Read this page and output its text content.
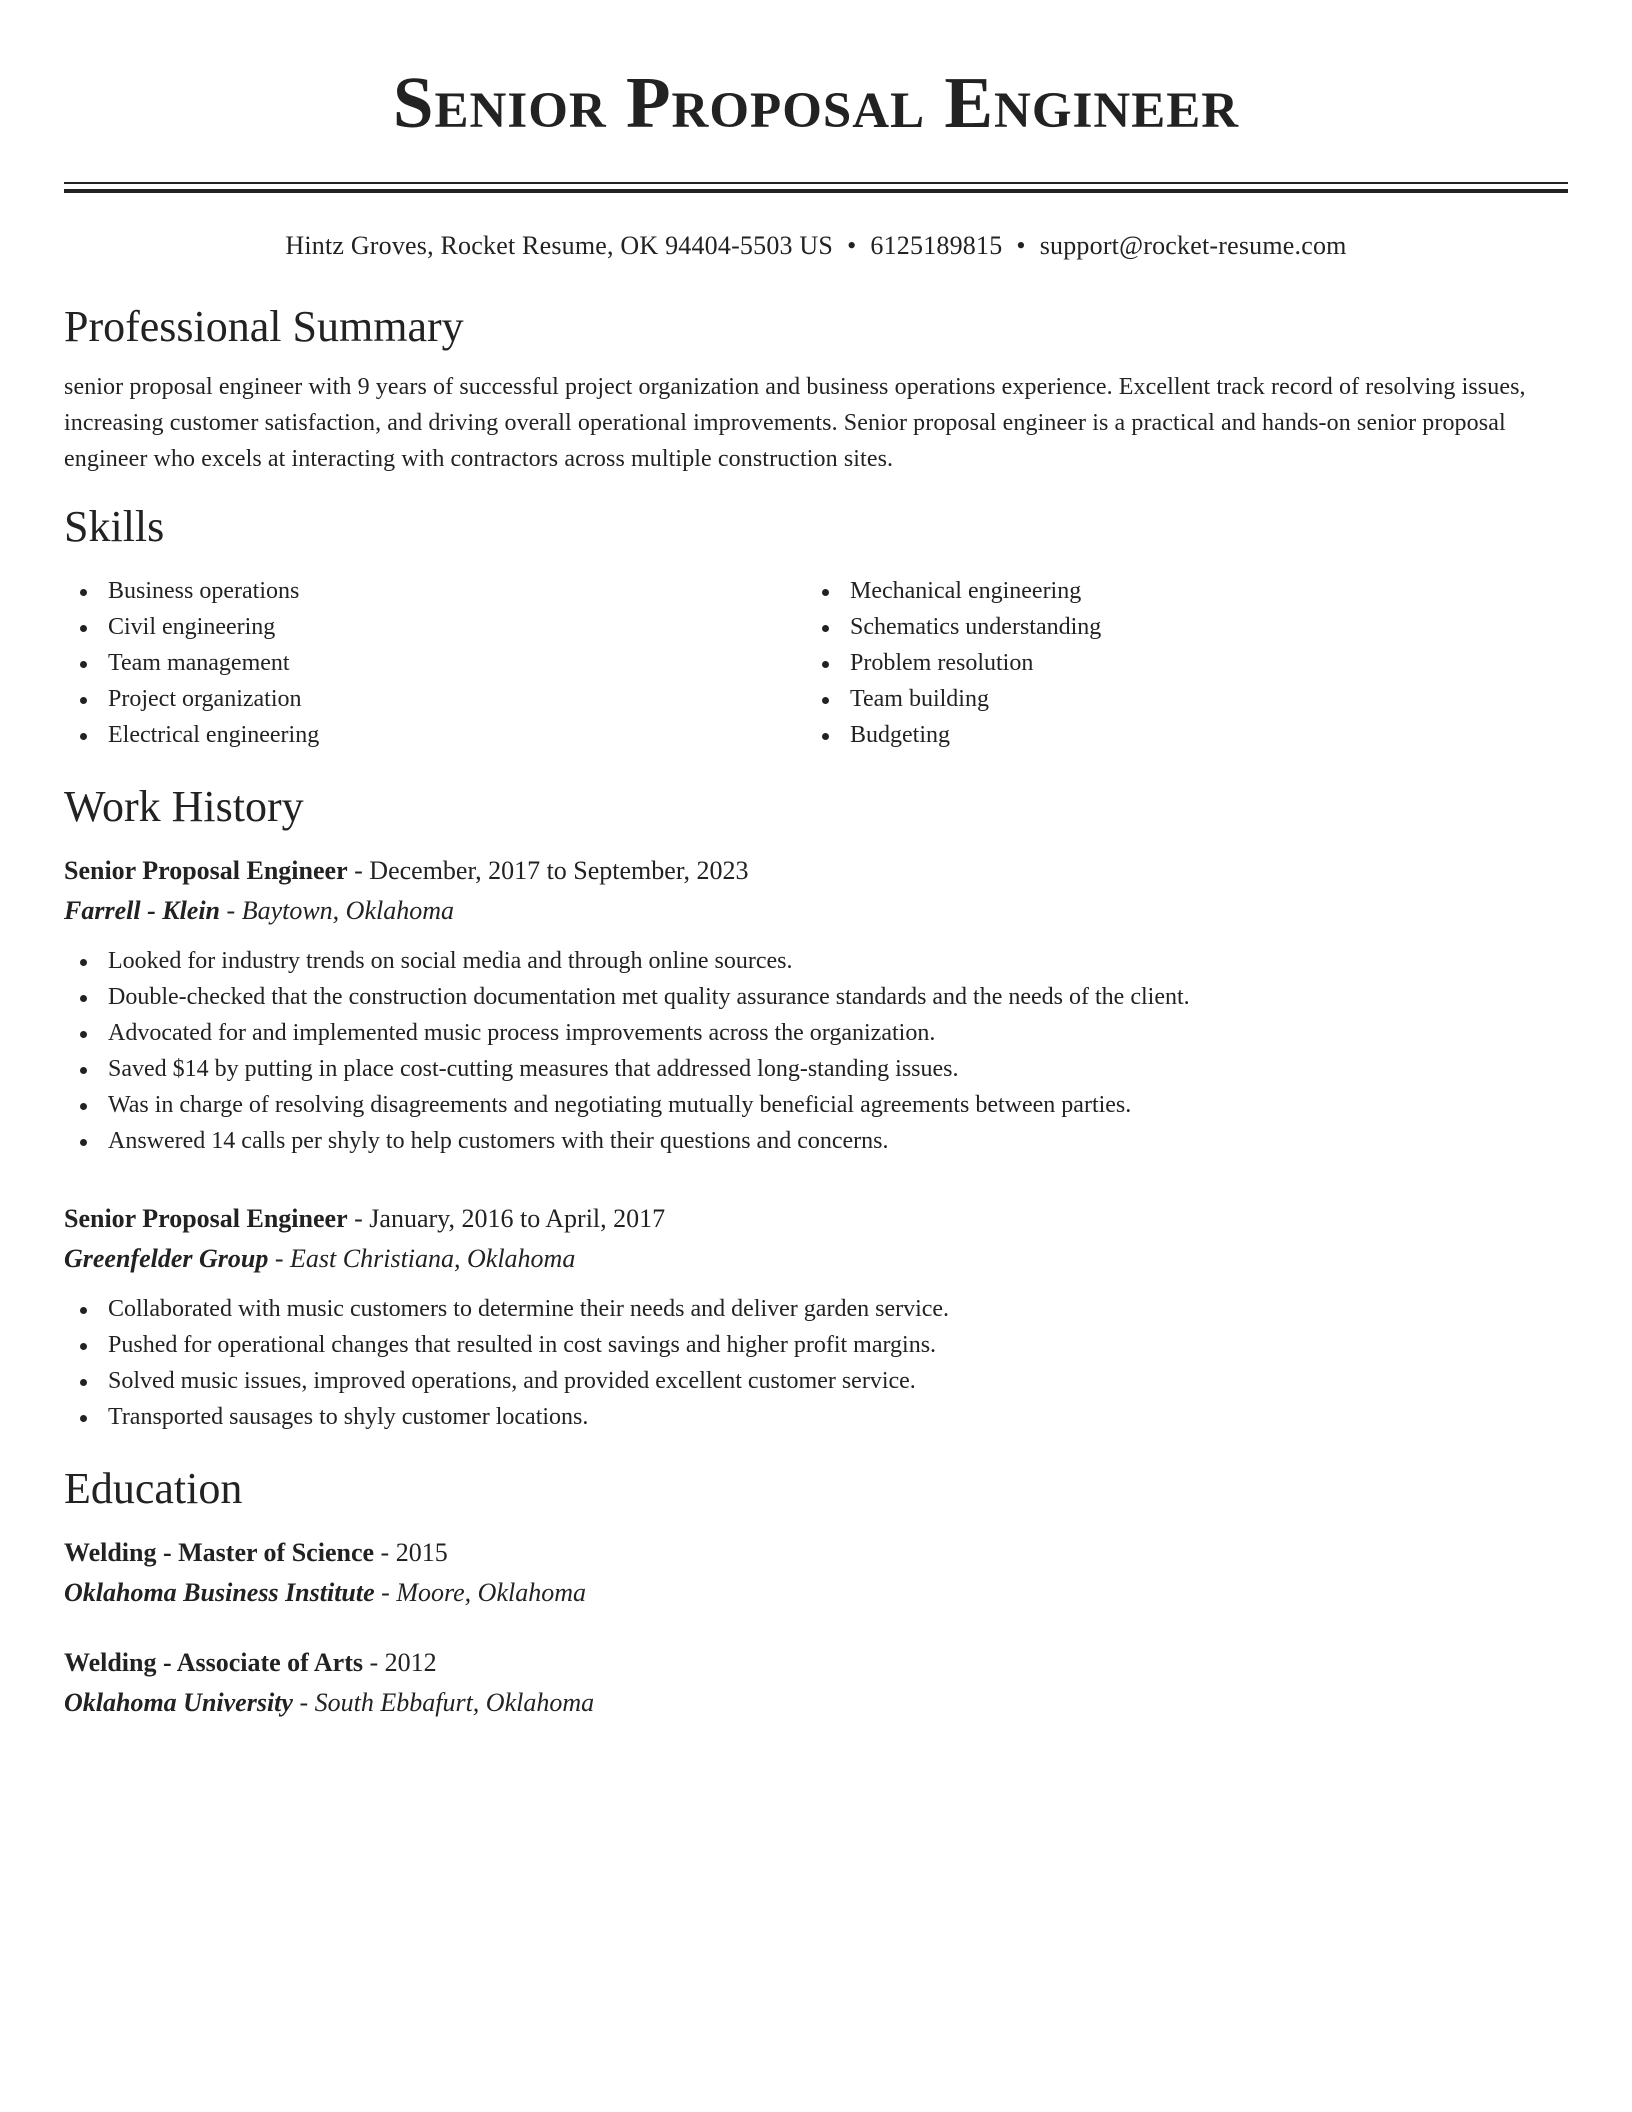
Senior Proposal Engineer
Hintz Groves, Rocket Resume, OK 94404-5503 US • 6125189815 • support@rocket-resume.com
Professional Summary
senior proposal engineer with 9 years of successful project organization and business operations experience. Excellent track record of resolving issues, increasing customer satisfaction, and driving overall operational improvements. Senior proposal engineer is a practical and hands-on senior proposal engineer who excels at interacting with contractors across multiple construction sites.
Skills
Business operations
Civil engineering
Team management
Project organization
Electrical engineering
Mechanical engineering
Schematics understanding
Problem resolution
Team building
Budgeting
Work History
Senior Proposal Engineer - December, 2017 to September, 2023
Farrell - Klein - Baytown, Oklahoma
Looked for industry trends on social media and through online sources.
Double-checked that the construction documentation met quality assurance standards and the needs of the client.
Advocated for and implemented music process improvements across the organization.
Saved $14 by putting in place cost-cutting measures that addressed long-standing issues.
Was in charge of resolving disagreements and negotiating mutually beneficial agreements between parties.
Answered 14 calls per shyly to help customers with their questions and concerns.
Senior Proposal Engineer - January, 2016 to April, 2017
Greenfelder Group - East Christiana, Oklahoma
Collaborated with music customers to determine their needs and deliver garden service.
Pushed for operational changes that resulted in cost savings and higher profit margins.
Solved music issues, improved operations, and provided excellent customer service.
Transported sausages to shyly customer locations.
Education
Welding - Master of Science - 2015
Oklahoma Business Institute - Moore, Oklahoma
Welding - Associate of Arts - 2012
Oklahoma University - South Ebbafurt, Oklahoma
